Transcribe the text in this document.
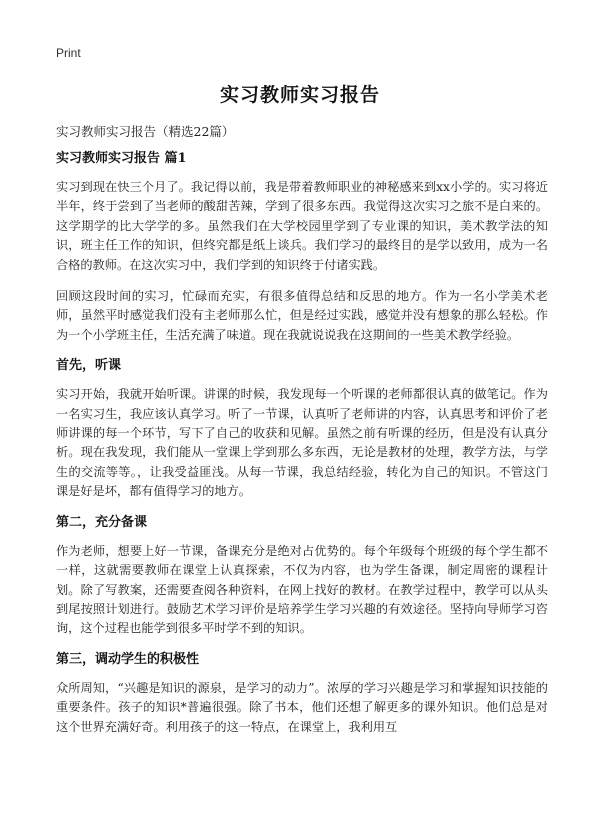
Print
实习教师实习报告
实习教师实习报告（精选22篇）
实习教师实习报告 篇1

实习到现在快三个月了。我记得以前，我是带着教师职业的神秘感来到xx小学的。实习将近半年，终于尝到了当老师的酸甜苦辣，学到了很多东西。我觉得这次实习之旅不是白来的。这学期学的比大学学的多。虽然我们在大学校园里学到了专业课的知识，美术教学法的知识，班主任工作的知识，但终究都是纸上谈兵。我们学习的最终目的是学以致用，成为一名合格的教师。在这次实习中，我们学到的知识终于付诸实践。

回顾这段时间的实习，忙碌而充实，有很多值得总结和反思的地方。作为一名小学美术老师，虽然平时感觉我们没有主老师那么忙，但是经过实践，感觉并没有想象的那么轻松。作为一个小学班主任，生活充满了味道。现在我就说说我在这期间的一些美术教学经验。

首先，听课

实习开始，我就开始听课。讲课的时候，我发现每一个听课的老师都很认真的做笔记。作为一名实习生，我应该认真学习。听了一节课，认真听了老师讲的内容，认真思考和评价了老师讲课的每一个环节，写下了自己的收获和见解。虽然之前有听课的经历，但是没有认真分析。现在我发现，我们能从一堂课上学到那么多东西，无论是教材的处理，教学方法，与学生的交流等等。，让我受益匪浅。从每一节课，我总结经验，转化为自己的知识。不管这门课是好是坏，都有值得学习的地方。

第二，充分备课

作为老师，想要上好一节课，备课充分是绝对占优势的。每个年级每个班级的每个学生都不一样，这就需要教师在课堂上认真探索，不仅为内容，也为学生备课，制定周密的课程计划。除了写教案，还需要查阅各种资料，在网上找好的教材。在教学过程中，教学可以从头到尾按照计划进行。鼓励艺术学习评价是培养学生学习兴趣的有效途径。坚持向导师学习咨询，这个过程也能学到很多平时学不到的知识。

第三，调动学生的积极性

众所周知，“兴趣是知识的源泉，是学习的动力”。浓厚的学习兴趣是学习和掌握知识技能的重要条件。孩子的知识*普遍很强。除了书本，他们还想了解更多的课外知识。他们总是对这个世界充满好奇。利用孩子的这一特点，在课堂上，我利用互
